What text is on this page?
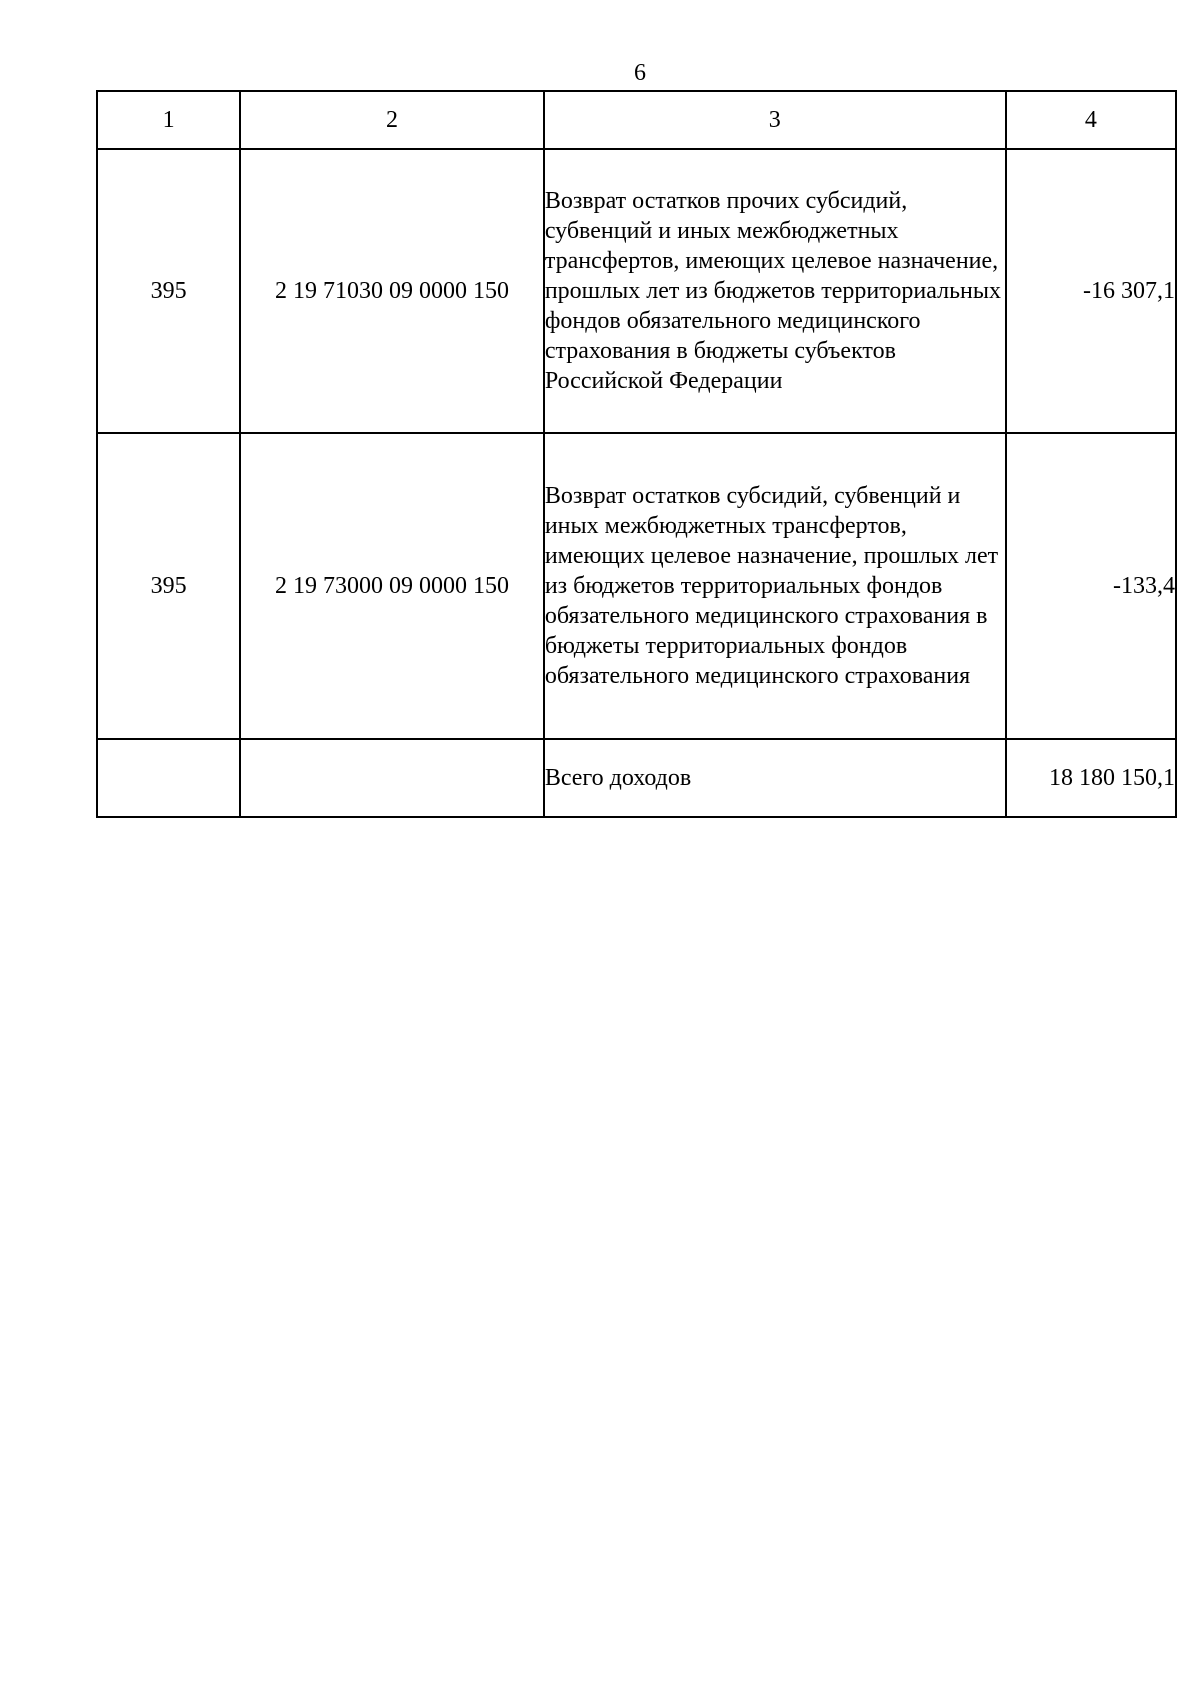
6
1	2	3	4
395	2 19 71030 09 0000 150	Возврат остатков прочих субсидий, субвенций и иных межбюджетных трансфертов, имеющих целевое назначение, прошлых лет из бюджетов территориальных фондов обязательного медицинского страхования в бюджеты субъектов Российской Федерации	-16 307,1
395	2 19 73000 09 0000 150	Возврат остатков субсидий, субвенций и иных межбюджетных трансфертов, имеющих целевое назначение, прошлых лет из бюджетов территориальных фондов обязательного медицинского страхования в бюджеты территориальных фондов обязательного медицинского страхования	-133,4
		Всего доходов	18 180 150,1
